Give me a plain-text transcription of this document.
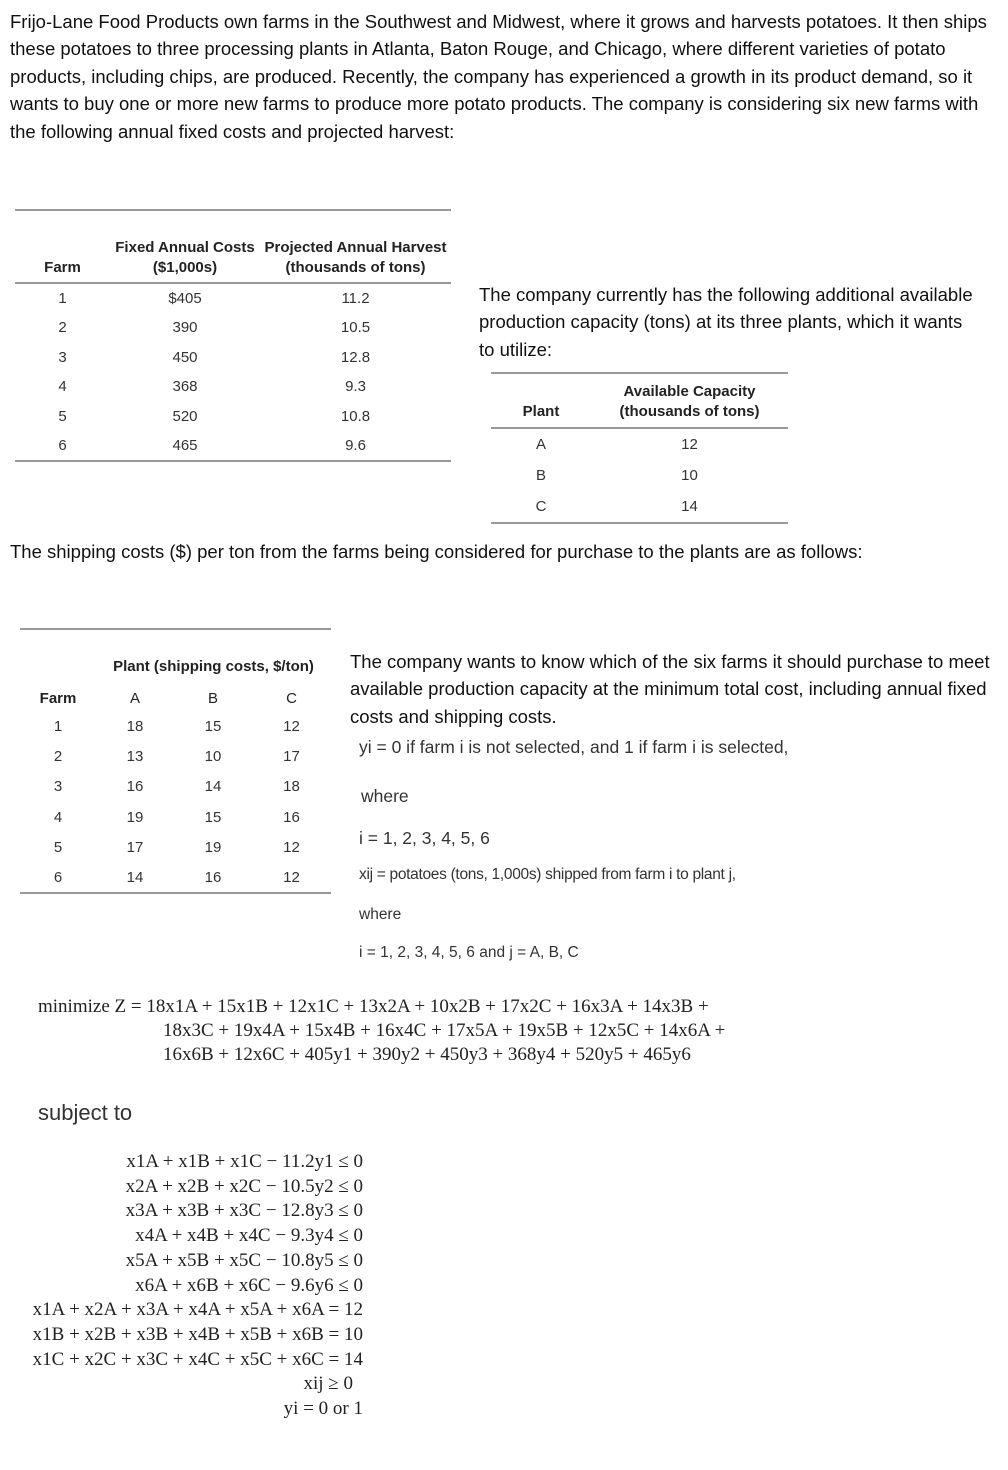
Frijo-Lane Food Products own farms in the Southwest and Midwest, where it grows and harvests potatoes. It then ships these potatoes to three processing plants in Atlanta, Baton Rouge, and Chicago, where different varieties of potato products, including chips, are produced. Recently, the company has experienced a growth in its product demand, so it wants to buy one or more new farms to produce more potato products. The company is considering six new farms with the following annual fixed costs and projected harvest:
Farm	Fixed Annual Costs ($1,000s)	Projected Annual Harvest (thousands of tons)
1	$405	11.2
2	390	10.5
3	450	12.8
4	368	9.3
5	520	10.8
6	465	9.6
The company currently has the following additional available production capacity (tons) at its three plants, which it wants to utilize:
Plant	Available Capacity (thousands of tons)
A	12
B	10
C	14
The shipping costs ($) per ton from the farms being considered for purchase to the plants are as follows:
	Plant (shipping costs, $/ton)		
Farm	A	B	C
1	18	15	12
2	13	10	17
3	16	14	18
4	19	15	16
5	17	19	12
6	14	16	12
The company wants to know which of the six farms it should purchase to meet available production capacity at the minimum total cost, including annual fixed costs and shipping costs.
yi = 0 if farm i is not selected, and 1 if farm i is selected,
where
i = 1, 2, 3, 4, 5, 6
xij = potatoes (tons, 1,000s) shipped from farm i to plant j,
where
i = 1, 2, 3, 4, 5, 6 and j = A, B, C
minimize Z = 18x1A + 15x1B + 12x1C + 13x2A + 10x2B + 17x2C + 16x3A + 14x3B +
18x3C + 19x4A + 15x4B + 16x4C + 17x5A + 19x5B + 12x5C + 14x6A +
16x6B + 12x6C + 405y1 + 390y2 + 450y3 + 368y4 + 520y5 + 465y6
subject to
x1A + x1B + x1C − 11.2y1 ≤ 0
x2A + x2B + x2C − 10.5y2 ≤ 0
x3A + x3B + x3C − 12.8y3 ≤ 0
x4A + x4B + x4C − 9.3y4 ≤ 0
x5A + x5B + x5C − 10.8y5 ≤ 0
x6A + x6B + x6C − 9.6y6 ≤ 0
x1A + x2A + x3A + x4A + x5A + x6A = 12
x1B + x2B + x3B + x4B + x5B + x6B = 10
x1C + x2C + x3C + x4C + x5C + x6C = 14
xij ≥ 0
yi = 0 or 1
